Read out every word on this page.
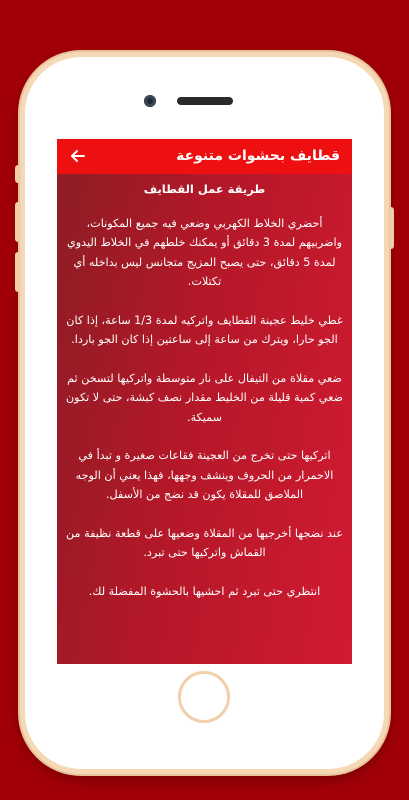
قطايف بحشوات متنوعة
طريقة عمل القطايف

أحضري الخلاط الكهربي وضعي فيه جميع المكونات، واضربيهم لمدة 3 دقائق أو يمكنك خلطهم في الخلاط اليدوي لمدة 5 دقائق، حتى يصبح المزيج متجانس ليس بداخله أي تكتلات.

غطي خليط عجينة القطايف واتركيه لمدة 1/3 ساعة، إذا كان الجو حارا، ويترك من ساعة إلى ساعتين إذا كان الجو باردا.

ضعي مقلاة من التيفال على نار متوسطة واتركيها لتسخن ثم ضعي كمية قليلة من الخليط مقدار نصف كبشة، حتى لا تكون سميكة.

اتركيها حتى تخرج من العجينة فقاعات صغيرة و تبدأ في الاحمرار من الحروف وينشف وجهها، فهذا يعني أن الوجه الملاصق للمقلاة يكون قد نضج من الأسفل.

عند نضجها أخرجيها من المقلاة وضعيها على قطعة نظيفة من القماش واتركيها حتى تبرد.

انتظري حتى تبرد ثم احشيها بالحشوة المفضلة لك.
